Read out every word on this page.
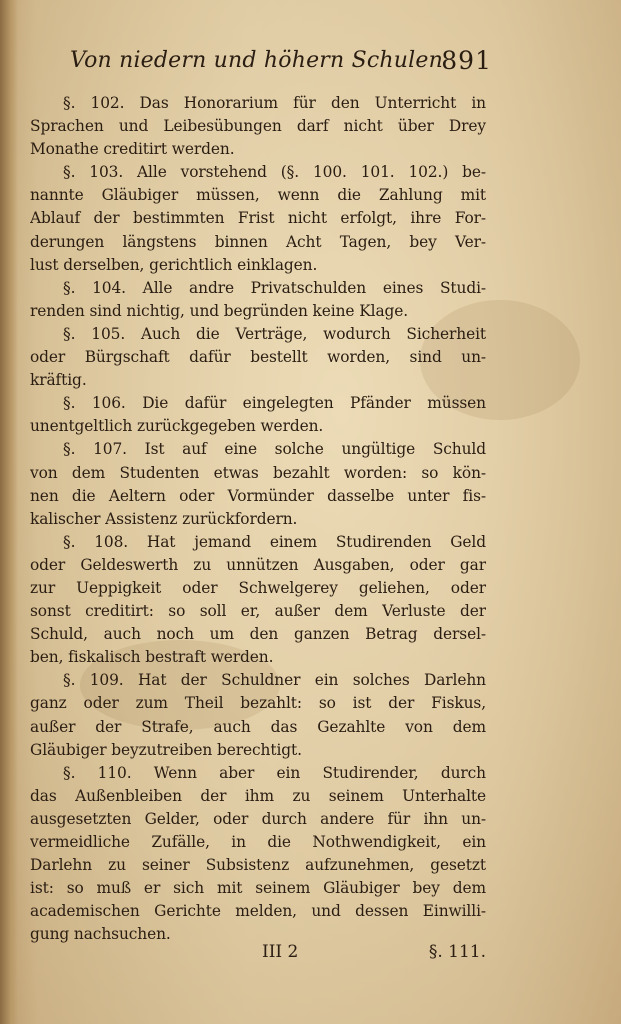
Von niedern und höhern Schulen
891
§. 102. Das Honorarium für den Unterricht in
Sprachen und Leibesübungen darf nicht über Drey
Monathe creditirt werden.
§. 103. Alle vorstehend (§. 100. 101. 102.) be-
nannte Gläubiger müssen, wenn die Zahlung mit
Ablauf der bestimmten Frist nicht erfolgt, ihre For-
derungen längstens binnen Acht Tagen, bey Ver-
lust derselben, gerichtlich einklagen.
§. 104. Alle andre Privatschulden eines Studi-
renden sind nichtig, und begründen keine Klage.
§. 105. Auch die Verträge, wodurch Sicherheit
oder Bürgschaft dafür bestellt worden, sind un-
kräftig.
§. 106. Die dafür eingelegten Pfänder müssen
unentgeltlich zurückgegeben werden.
§. 107. Ist auf eine solche ungültige Schuld
von dem Studenten etwas bezahlt worden: so kön-
nen die Aeltern oder Vormünder dasselbe unter fis-
kalischer Assistenz zurückfordern.
§. 108. Hat jemand einem Studirenden Geld
oder Geldeswerth zu unnützen Ausgaben, oder gar
zur Ueppigkeit oder Schwelgerey geliehen, oder
sonst creditirt: so soll er, außer dem Verluste der
Schuld, auch noch um den ganzen Betrag dersel-
ben, fiskalisch bestraft werden.
§. 109. Hat der Schuldner ein solches Darlehn
ganz oder zum Theil bezahlt: so ist der Fiskus,
außer der Strafe, auch das Gezahlte von dem
Gläubiger beyzutreiben berechtigt.
§. 110. Wenn aber ein Studirender, durch
das Außenbleiben der ihm zu seinem Unterhalte
ausgesetzten Gelder, oder durch andere für ihn un-
vermeidliche Zufälle, in die Nothwendigkeit, ein
Darlehn zu seiner Subsistenz aufzunehmen, gesetzt
ist: so muß er sich mit seinem Gläubiger bey dem
academischen Gerichte melden, und dessen Einwilli-
gung nachsuchen.
III 2	§. 111.
